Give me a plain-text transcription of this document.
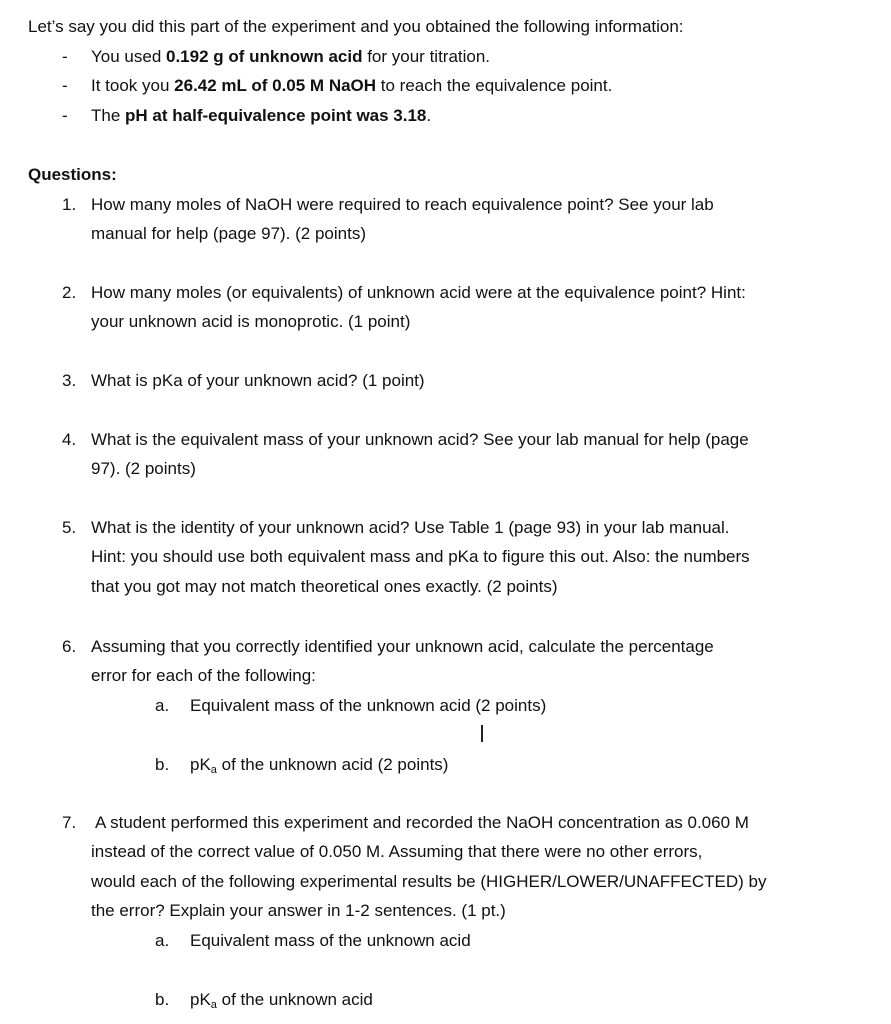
Let’s say you did this part of the experiment and you obtained the following information:
- You used 0.192 g of unknown acid for your titration.
- It took you 26.42 mL of 0.05 M NaOH to reach the equivalence point.
- The pH at half-equivalence point was 3.18.
Questions:
1. How many moles of NaOH were required to reach equivalence point? See your lab
manual for help (page 97). (2 points)
2. How many moles (or equivalents) of unknown acid were at the equivalence point? Hint:
your unknown acid is monoprotic. (1 point)
3. What is pKa of your unknown acid? (1 point)
4. What is the equivalent mass of your unknown acid? See your lab manual for help (page
97). (2 points)
5. What is the identity of your unknown acid? Use Table 1 (page 93) in your lab manual.
Hint: you should use both equivalent mass and pKa to figure this out. Also: the numbers
that you got may not match theoretical ones exactly. (2 points)
6. Assuming that you correctly identified your unknown acid, calculate the percentage
error for each of the following:
a. Equivalent mass of the unknown acid (2 points)
b. $pK_a$ of the unknown acid (2 points)
7. A student performed this experiment and recorded the NaOH concentration as 0.060 M
instead of the correct value of 0.050 M. Assuming that there were no other errors,
would each of the following experimental results be (HIGHER/LOWER/UNAFFECTED) by
the error? Explain your answer in 1-2 sentences. (1 pt.)
a. Equivalent mass of the unknown acid
b. $pK_a$ of the unknown acid
